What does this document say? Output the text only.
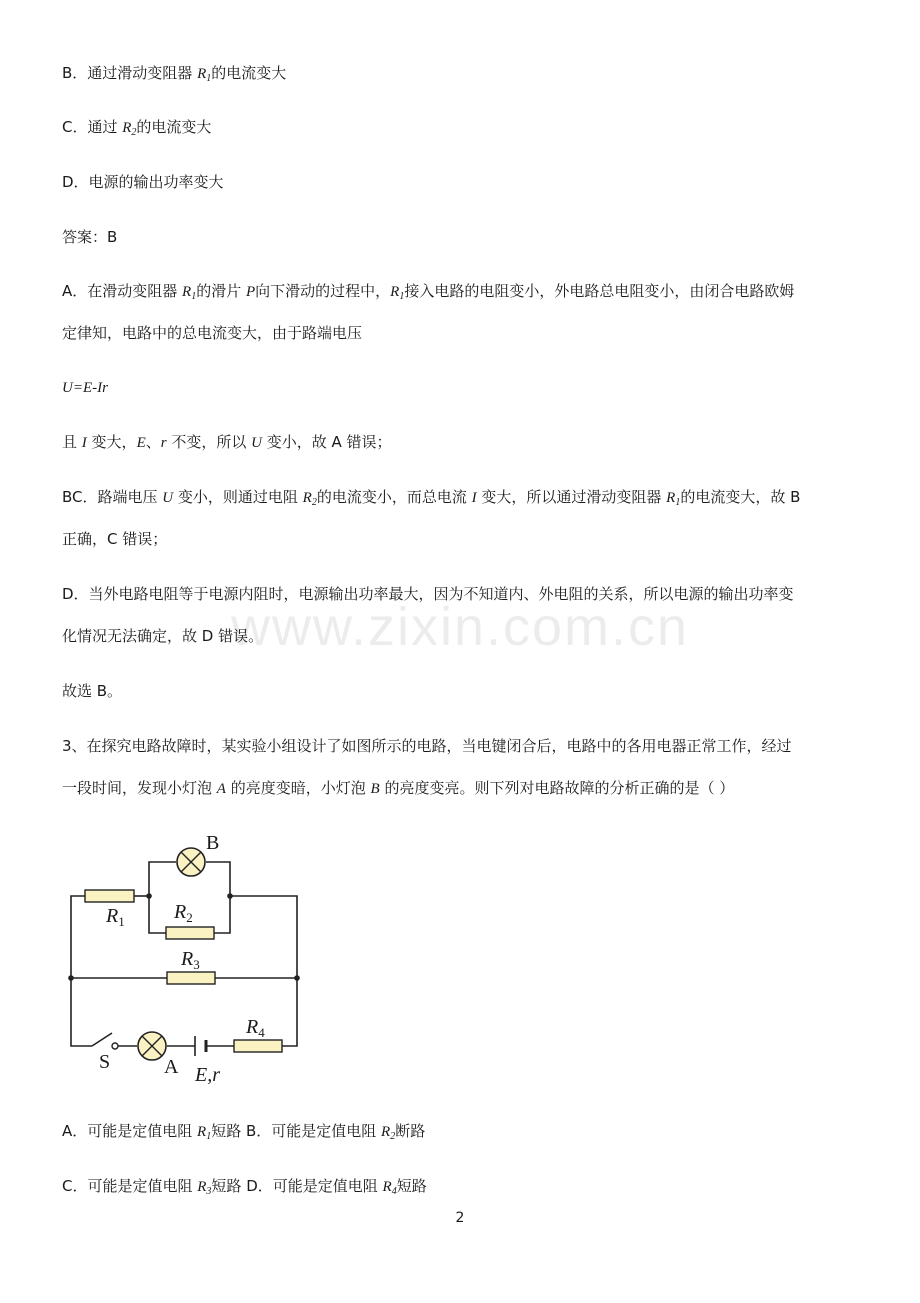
B．通过滑动变阻器 $R_1$的电流变大

C．通过 $R_2$的电流变大

D．电源的输出功率变大

答案：B

A．在滑动变阻器 $R_1$的滑片 P向下滑动的过程中，$R_1$接入电路的电阻变小，外电路总电阻变小，由闭合电路欧姆

定律知，电路中的总电流变大，由于路端电压

U=E-Ir

且 I 变大，E、r 不变，所以 U 变小，故 A 错误；

BC．路端电压 U 变小，则通过电阻 $R_2$的电流变小，而总电流 I 变大，所以通过滑动变阻器 $R_1$的电流变大，故 B

正确，C 错误；

D．当外电路电阻等于电源内阻时，电源输出功率最大，因为不知道内、外电阻的关系，所以电源的输出功率变

化情况无法确定，故 D 错误。

www.zixin.com.cn

故选 B。

3、在探究电路故障时，某实验小组设计了如图所示的电路，当电键闭合后，电路中的各用电器正常工作，经过

一段时间，发现小灯泡 A 的亮度变暗，小灯泡 B 的亮度变亮。则下列对电路故障的分析正确的是（ ）

B
$R_1$ $R_2$
$R_3$
$R_4$
S	A E,r

A．可能是定值电阻 $R_1$短路 B．可能是定值电阻 $R_2$断路

C．可能是定值电阻 $R_3$短路 D．可能是定值电阻 $R_4$短路

2
